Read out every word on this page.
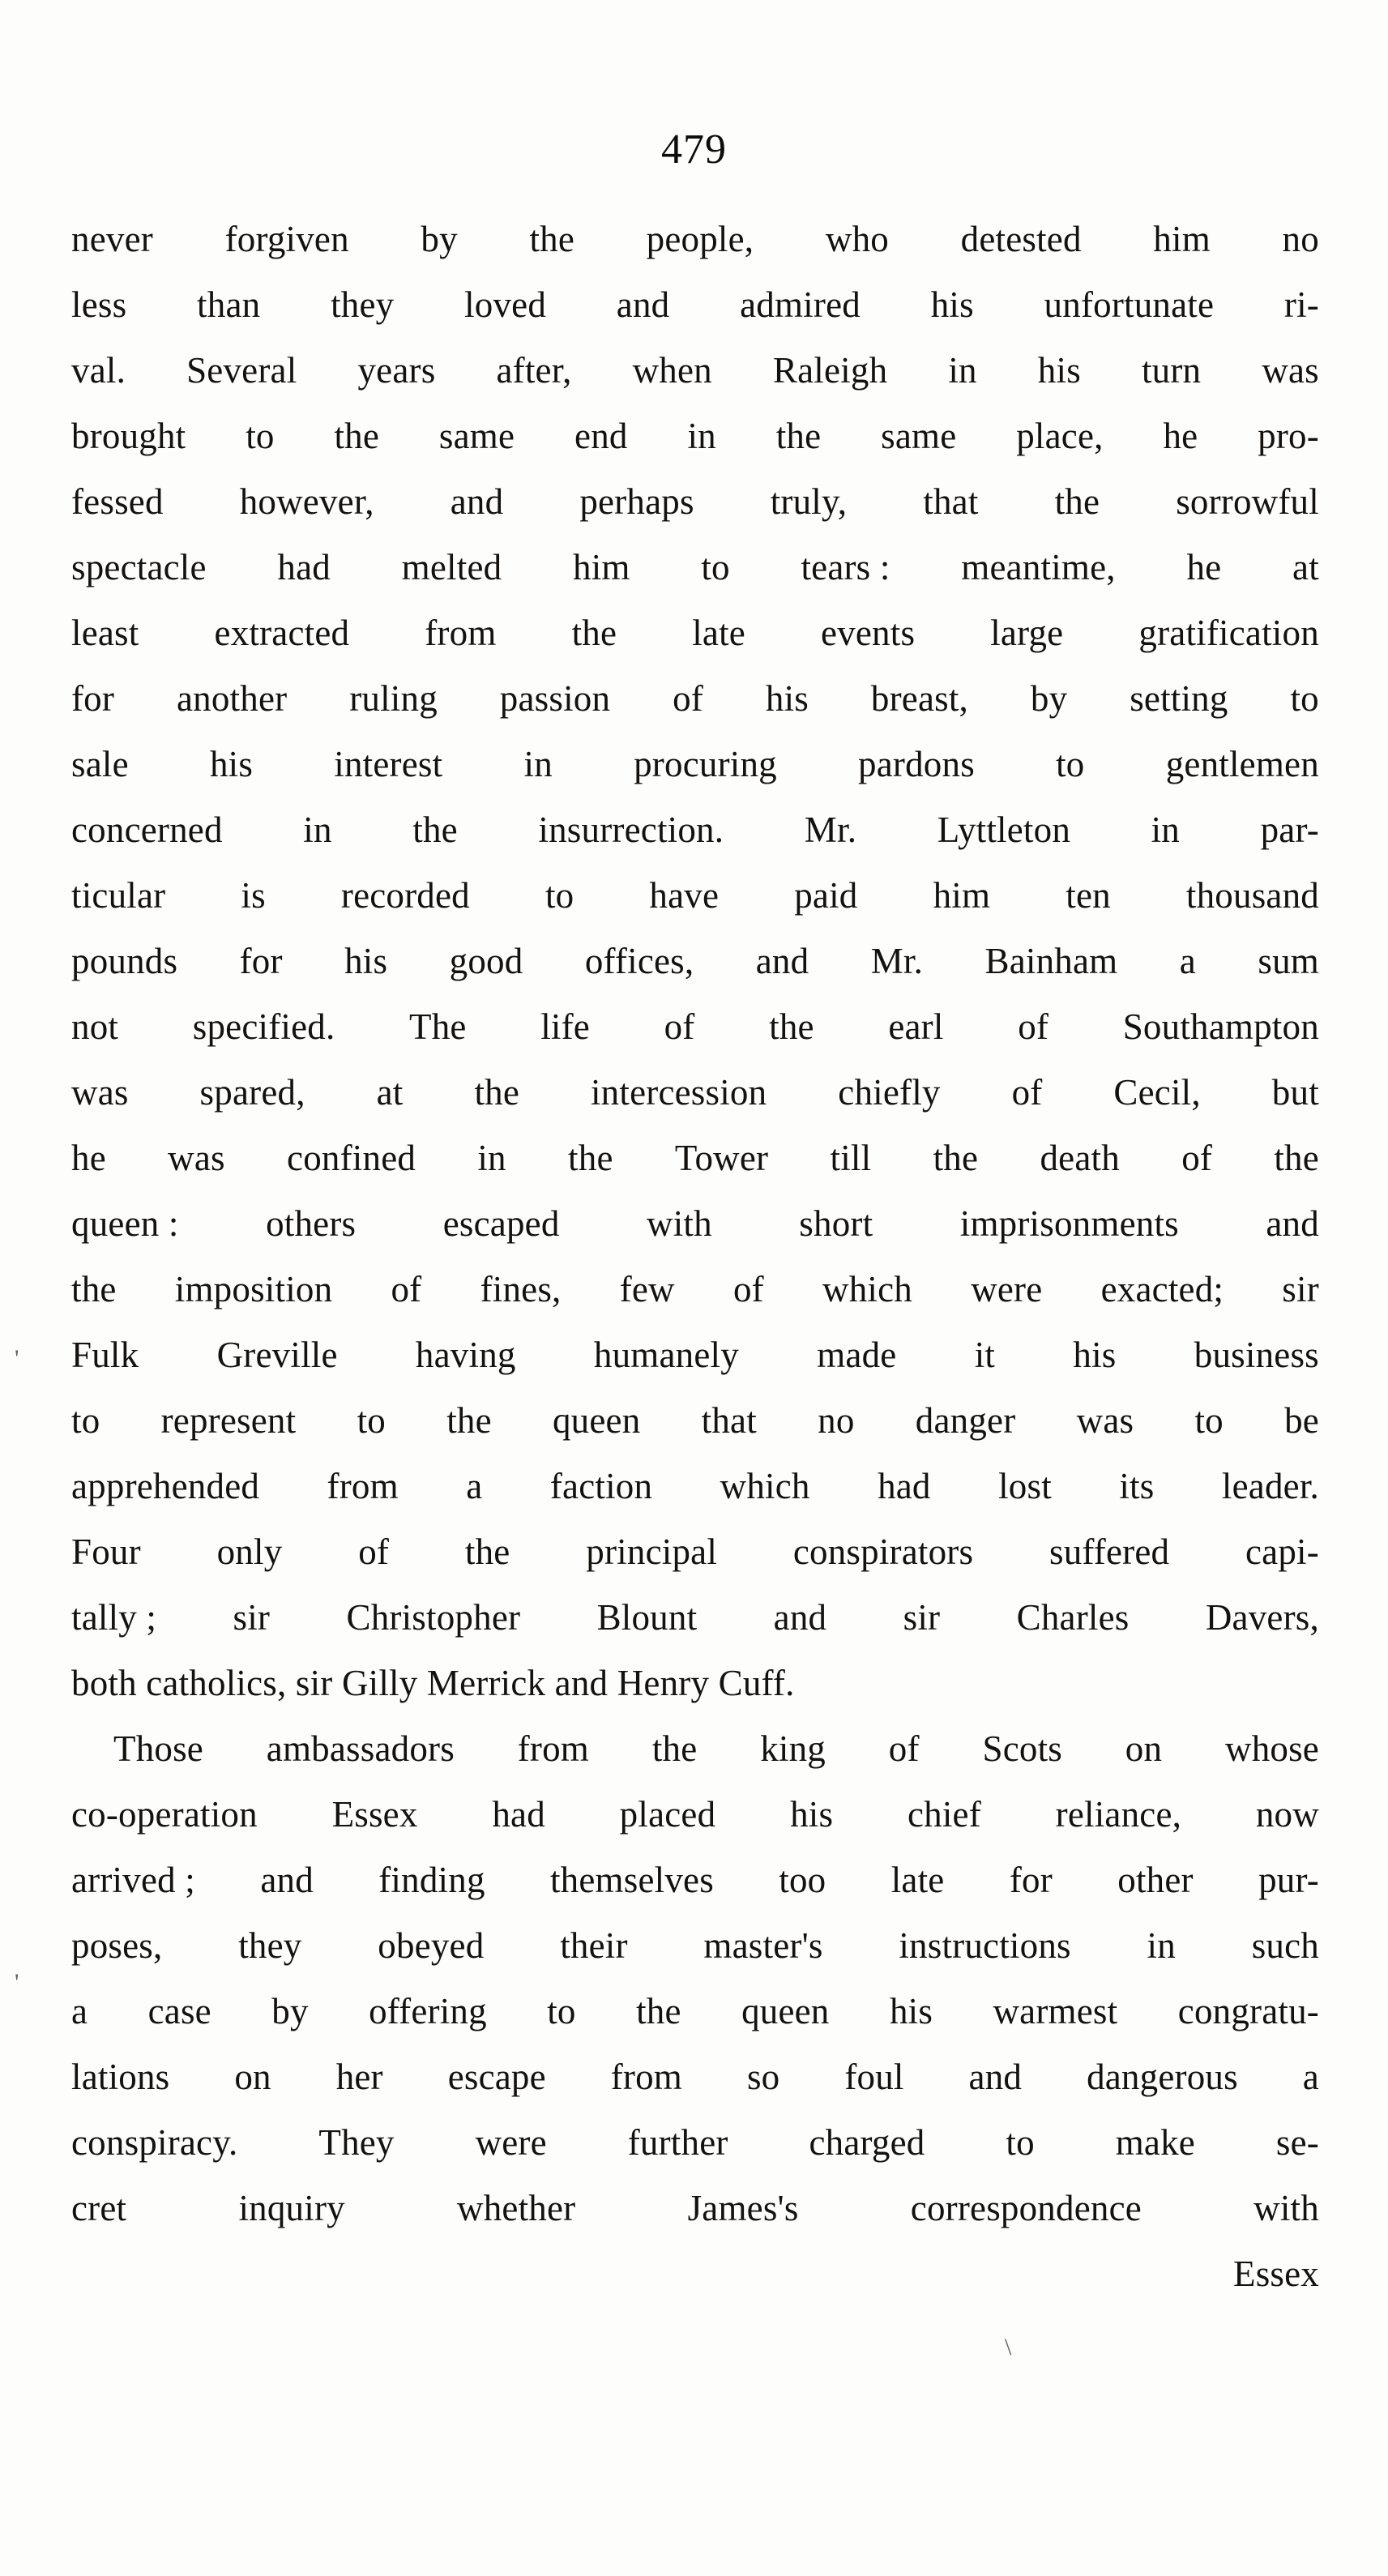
479
never forgiven by the people, who detested him no
less than they loved and admired his unfortunate ri-
val. Several years after, when Raleigh in his turn was
brought to the same end in the same place, he pro-
fessed however, and perhaps truly, that the sorrowful
spectacle had melted him to tears : meantime, he at
least extracted from the late events large gratification
for another ruling passion of his breast, by setting to
sale his interest in procuring pardons to gentlemen
concerned in the insurrection. Mr. Lyttleton in par-
ticular is recorded to have paid him ten thousand
pounds for his good offices, and Mr. Bainham a sum
not specified. The life of the earl of Southampton
was spared, at the intercession chiefly of Cecil, but
he was confined in the Tower till the death of the
queen : others escaped with short imprisonments and
the imposition of fines, few of which were exacted; sir
Fulk Greville having humanely made it his business
to represent to the queen that no danger was to be
apprehended from a faction which had lost its leader.
Four only of the principal conspirators suffered capi-
tally ; sir Christopher Blount and sir Charles Davers,
both catholics, sir Gilly Merrick and Henry Cuff.
Those ambassadors from the king of Scots on whose
co-operation Essex had placed his chief reliance, now
arrived ; and finding themselves too late for other pur-
poses, they obeyed their master's instructions in such
a case by offering to the queen his warmest congratu-
lations on her escape from so foul and dangerous a
conspiracy. They were further charged to make se-
cret	inquiry	whether	James's	correspondence	with
Essex
'
'
\
